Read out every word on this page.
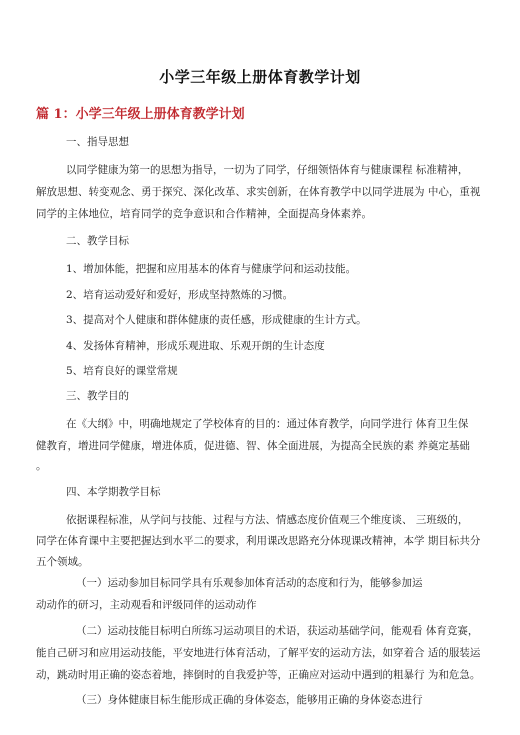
小学三年级上册体育教学计划
篇 1：小学三年级上册体育教学计划
一、指导思想
以同学健康为第一的思想为指导，一切为了同学，仔细领悟体育与健康课程 标准精神，
解放思想、转变观念、勇于探究、深化改革、求实创新，在体育教学中以同学进展为 中心，重视
同学的主体地位，培育同学的竞争意识和合作精神，全面提高身体素养。
二、教学目标
1、增加体能，把握和应用基本的体育与健康学问和运动技能。
2、培育运动爱好和爱好，形成坚持熬炼的习惯。
3、提高对个人健康和群体健康的责任感，形成健康的生计方式。
4、发扬体育精神，形成乐观进取、乐观开朗的生计态度
5、培育良好的课堂常规
三、教学目的
在《大纲》中，明确地规定了学校体育的目的：通过体育教学，向同学进行 体育卫生保
健教育，增进同学健康，增进体质，促进德、智、体全面进展，为提高全民族的素 养奠定基础
。
四、本学期教学目标
依据课程标准，从学问与技能、过程与方法、情感态度价值观三个维度谈、 三班级的，
同学在体育课中主要把握达到水平二的要求，利用课改思路充分体现课改精神，本学 期目标共分
五个领域。
（一）运动参加目标同学具有乐观参加体育活动的态度和行为，能够参加运
动动作的研习，主动观看和评级同伴的运动动作
（二）运动技能目标明白所练习运动项目的术语，获运动基础学问，能观看 体育竞赛，
能自己研习和应用运动技能，平安地进行体育活动，了解平安的运动方法，如穿着合 适的服装运
动，跳动时用正确的姿态着地，摔倒时的自我爱护等，正确应对运动中遇到的粗暴行 为和危急。
（三）身体健康目标生能形成正确的身体姿态，能够用正确的身体姿态进行
